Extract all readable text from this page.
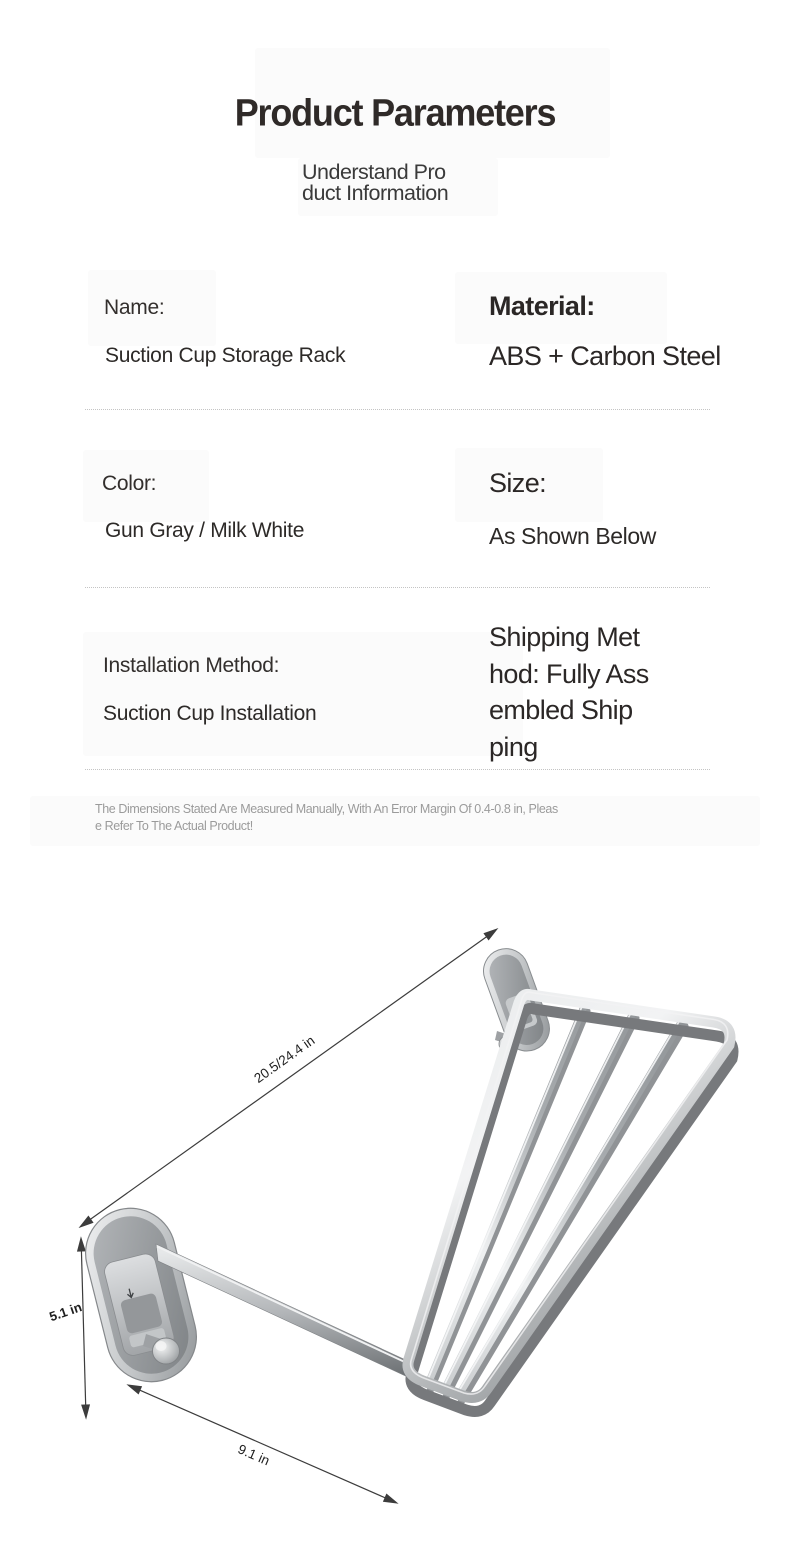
Product Parameters
Understand Pro
duct Information
Name:
Suction Cup Storage Rack
Material:
ABS + Carbon Steel
Color:
Gun Gray / Milk White
Size:
As Shown Below
Installation Method:
Suction Cup Installation
Shipping Met
hod: Fully Ass
embled Ship
ping
The Dimensions Stated Are Measured Manually, With An Error Margin Of 0.4-0.8 in, Pleas
e Refer To The Actual Product!
20.5/24.4 in
5.1 in
9.1 in
